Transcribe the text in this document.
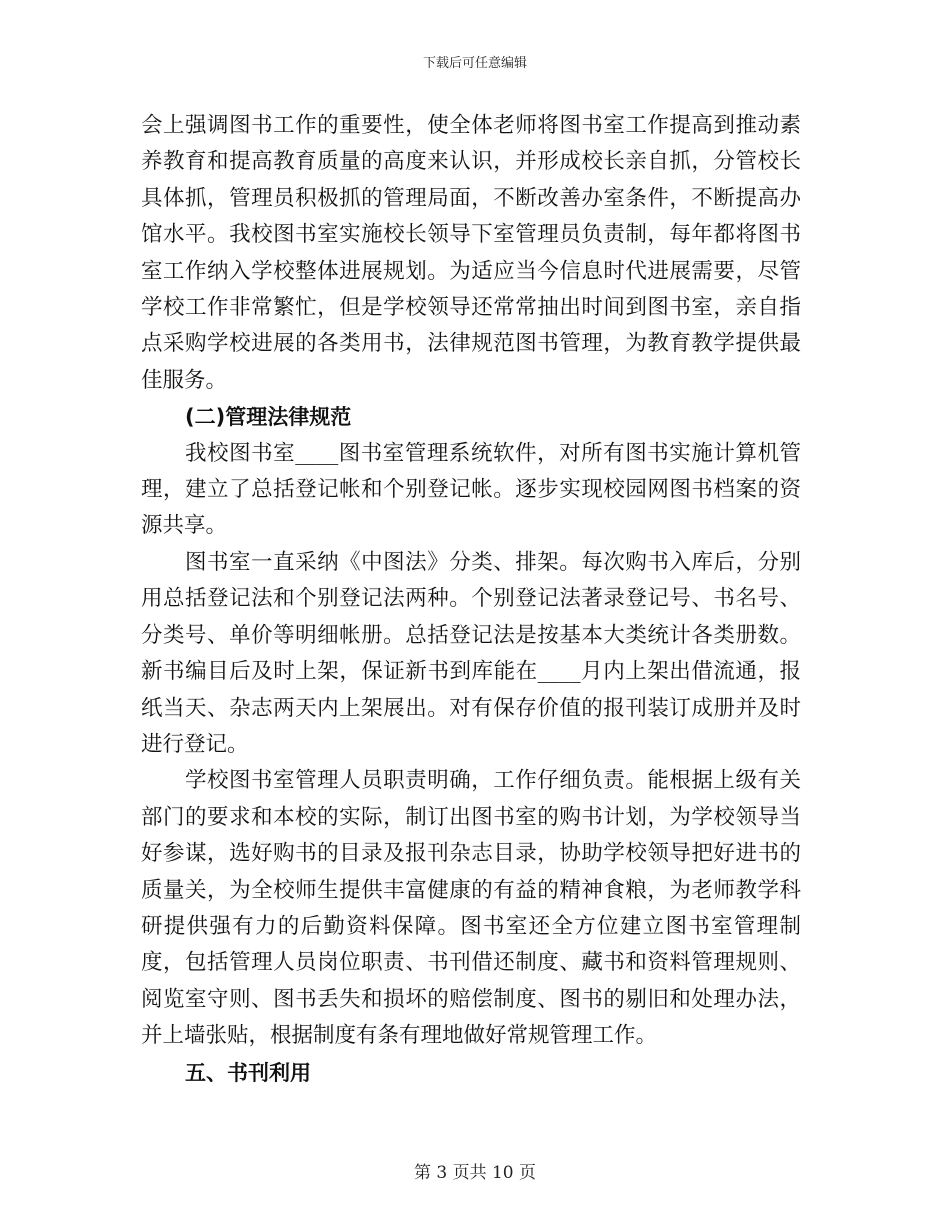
下载后可任意编辑

会上强调图书工作的重要性，使全体老师将图书室工作提高到推动素养教育和提高教育质量的高度来认识，并形成校长亲自抓，分管校长具体抓，管理员积极抓的管理局面，不断改善办室条件，不断提高办馆水平。我校图书室实施校长领导下室管理员负责制，每年都将图书室工作纳入学校整体进展规划。为适应当今信息时代进展需要，尽管学校工作非常繁忙，但是学校领导还常常抽出时间到图书室，亲自指点采购学校进展的各类用书，法律规范图书管理，为教育教学提供最佳服务。

(二)管理法律规范

我校图书室____图书室管理系统软件，对所有图书实施计算机管理，建立了总括登记帐和个别登记帐。逐步实现校园网图书档案的资源共享。

图书室一直采纳《中图法》分类、排架。每次购书入库后，分别用总括登记法和个别登记法两种。个别登记法著录登记号、书名号、分类号、单价等明细帐册。总括登记法是按基本大类统计各类册数。新书编目后及时上架，保证新书到库能在____月内上架出借流通，报纸当天、杂志两天内上架展出。对有保存价值的报刊装订成册并及时进行登记。

学校图书室管理人员职责明确，工作仔细负责。能根据上级有关部门的要求和本校的实际，制订出图书室的购书计划，为学校领导当好参谋，选好购书的目录及报刊杂志目录，协助学校领导把好进书的质量关，为全校师生提供丰富健康的有益的精神食粮，为老师教学科研提供强有力的后勤资料保障。图书室还全方位建立图书室管理制度，包括管理人员岗位职责、书刊借还制度、藏书和资料管理规则、阅览室守则、图书丢失和损坏的赔偿制度、图书的剔旧和处理办法，并上墙张贴，根据制度有条有理地做好常规管理工作。

五、书刊利用

第 3 页共 10 页
